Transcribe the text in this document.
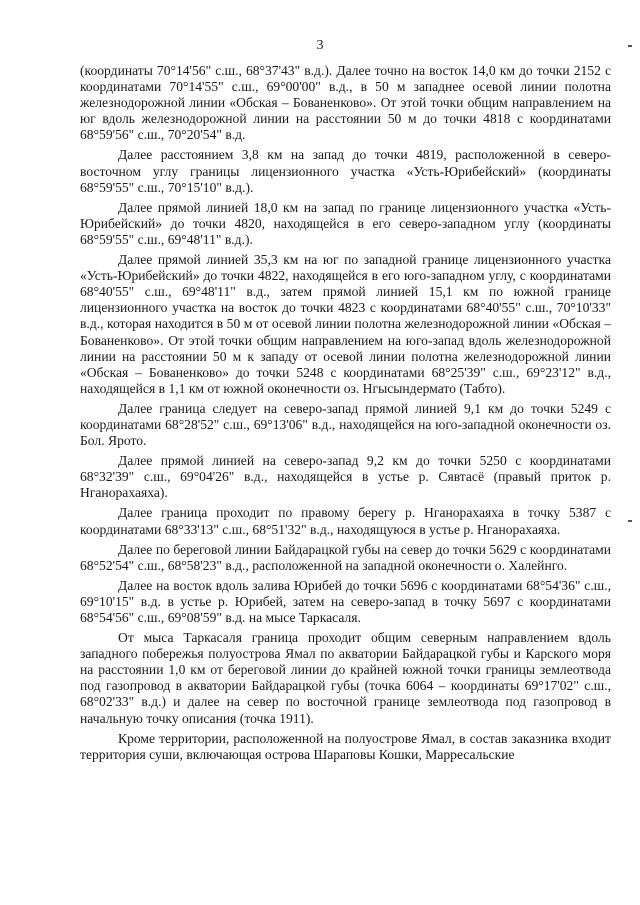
3

(координаты 70°14'56" с.ш., 68°37'43" в.д.). Далее точно на восток 14,0 км до точки 2152 с координатами 70°14'55" с.ш., 69°00'00" в.д., в 50 м западнее осевой линии полотна железнодорожной линии «Обская – Бованенково». От этой точки общим направлением на юг вдоль железнодорожной линии на расстоянии 50 м до точки 4818 с координатами 68°59'56" с.ш., 70°20'54" в.д.

Далее расстоянием 3,8 км на запад до точки 4819, расположенной в северо-восточном углу границы лицензионного участка «Усть-Юрибейский» (координаты 68°59'55" с.ш., 70°15'10" в.д.).

Далее прямой линией 18,0 км на запад по границе лицензионного участка «Усть-Юрибейский» до точки 4820, находящейся в его северо-западном углу (координаты 68°59'55" с.ш., 69°48'11" в.д.).

Далее прямой линией 35,3 км на юг по западной границе лицензионного участка «Усть-Юрибейский» до точки 4822, находящейся в его юго-западном углу, с координатами 68°40'55" с.ш., 69°48'11" в.д., затем прямой линией 15,1 км по южной границе лицензионного участка на восток до точки 4823 с координатами 68°40'55" с.ш., 70°10'33" в.д., которая находится в 50 м от осевой линии полотна железнодорожной линии «Обская – Бованенково». От этой точки общим направлением на юго-запад вдоль железнодорожной линии на расстоянии 50 м к западу от осевой линии полотна железнодорожной линии «Обская – Бованенково» до точки 5248 с координатами 68°25'39" с.ш., 69°23'12" в.д., находящейся в 1,1 км от южной оконечности оз. Нгысындермато (Табто).

Далее граница следует на северо-запад прямой линией 9,1 км до точки 5249 с координатами 68°28'52" с.ш., 69°13'06" в.д., находящейся на юго-западной оконечности оз. Бол. Ярото.

Далее прямой линией на северо-запад 9,2 км до точки 5250 с координатами 68°32'39" с.ш., 69°04'26" в.д., находящейся в устье р. Сявтасё (правый приток р. Нганорахаяха).

Далее граница проходит по правому берегу р. Нганорахаяха в точку 5387 с координатами 68°33'13" с.ш., 68°51'32" в.д., находящуюся в устье р. Нганорахаяха.

Далее по береговой линии Байдарацкой губы на север до точки 5629 с координатами 68°52'54" с.ш., 68°58'23" в.д., расположенной на западной оконечности о. Халейнго.

Далее на восток вдоль залива Юрибей до точки 5696 с координатами 68°54'36" с.ш., 69°10'15" в.д. в устье р. Юрибей, затем на северо-запад в точку 5697 с координатами 68°54'56" с.ш., 69°08'59" в.д. на мысе Таркасаля.

От мыса Таркасаля граница проходит общим северным направлением вдоль западного побережья полуострова Ямал по акватории Байдарацкой губы и Карского моря на расстоянии 1,0 км от береговой линии до крайней южной точки границы землеотвода под газопровод в акватории Байдарацкой губы (точка 6064 – координаты 69°17'02" с.ш., 68°02'33" в.д.) и далее на север по восточной границе землеотвода под газопровод в начальную точку описания (точка 1911).

Кроме территории, расположенной на полуострове Ямал, в состав заказника входит территория суши, включающая острова Шараповы Кошки, Марресальские
